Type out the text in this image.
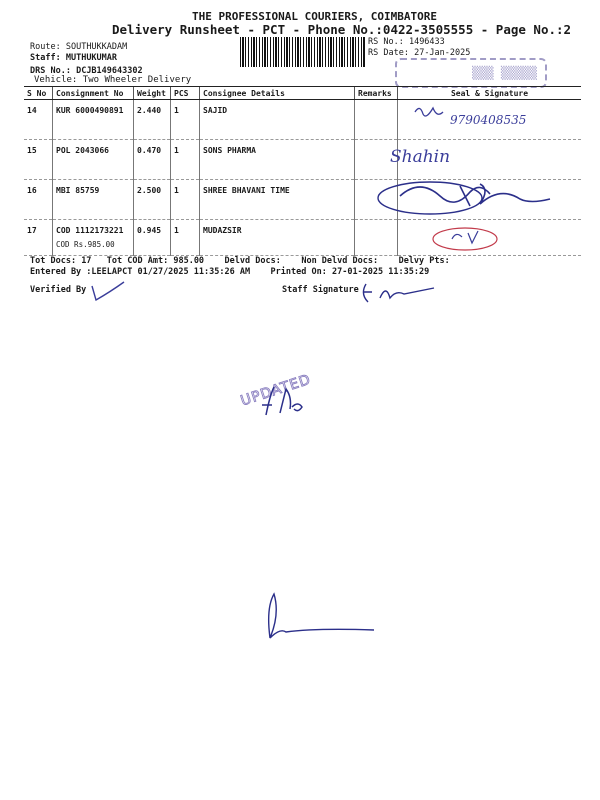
THE PROFESSIONAL COURIERS, COIMBATORE
Delivery Runsheet - PCT - Phone No.:0422-3505555 - Page No.:2
Route: SOUTHUKKADAM
Staff: MUTHUKUMAR
DRS No.: DCJB149643302
Vehicle: Two Wheeler Delivery
RS No.: 1496433
RS Date: 27-Jan-2025
▒▒▒ ▒▒▒▒▒
S No	Consignment No	Weight	PCS	Consignee Details	Remarks	Seal & Signature
14	KUR 6000490891	2.440	1	SAJID		
15	POL 2043066	0.470	1	SONS PHARMA		
16	MBI 85759	2.500	1	SHREE BHAVANI TIME		
17	COD 1112173221
COD Rs.985.00	0.945	1	MUDAZSIR		
9790408535
Shahin
Tot Docs: 17 Tot COD Amt: 985.00 Delvd Docs: Non Delvd Docs: Delvy Pts:
Entered By :LEELAPCT 01/27/2025 11:35:26 AM Printed On: 27-01-2025 11:35:29
Verified By	Staff Signature
UPDATED
